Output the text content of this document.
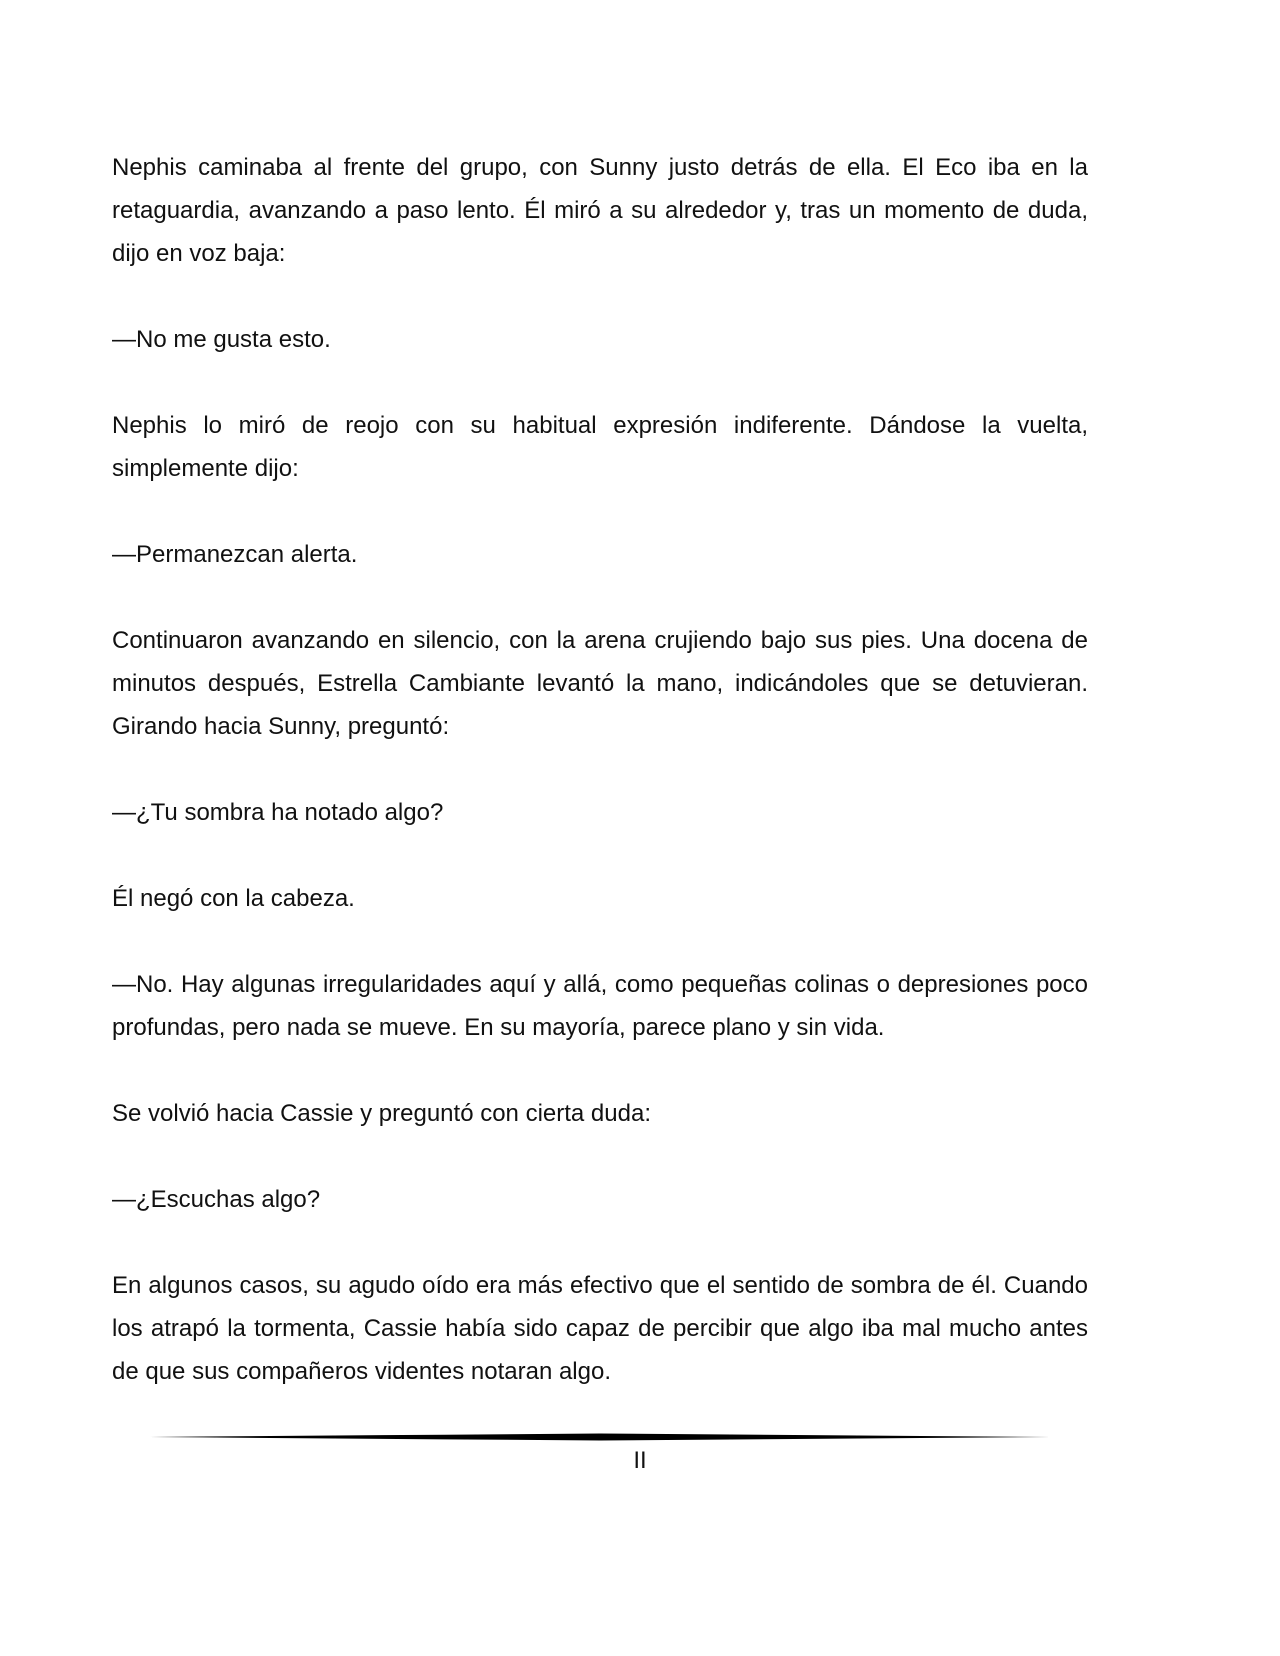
Nephis caminaba al frente del grupo, con Sunny justo detrás de ella. El Eco iba en la retaguardia, avanzando a paso lento. Él miró a su alrededor y, tras un momento de duda, dijo en voz baja:

—No me gusta esto.

Nephis lo miró de reojo con su habitual expresión indiferente. Dándose la vuelta, simplemente dijo:

—Permanezcan alerta.

Continuaron avanzando en silencio, con la arena crujiendo bajo sus pies. Una docena de minutos después, Estrella Cambiante levantó la mano, indicándoles que se detuvieran. Girando hacia Sunny, preguntó:

—¿Tu sombra ha notado algo?

Él negó con la cabeza.

—No. Hay algunas irregularidades aquí y allá, como pequeñas colinas o depresiones poco profundas, pero nada se mueve. En su mayoría, parece plano y sin vida.

Se volvió hacia Cassie y preguntó con cierta duda:

—¿Escuchas algo?

En algunos casos, su agudo oído era más efectivo que el sentido de sombra de él. Cuando los atrapó la tormenta, Cassie había sido capaz de percibir que algo iba mal mucho antes de que sus compañeros videntes notaran algo.

II
